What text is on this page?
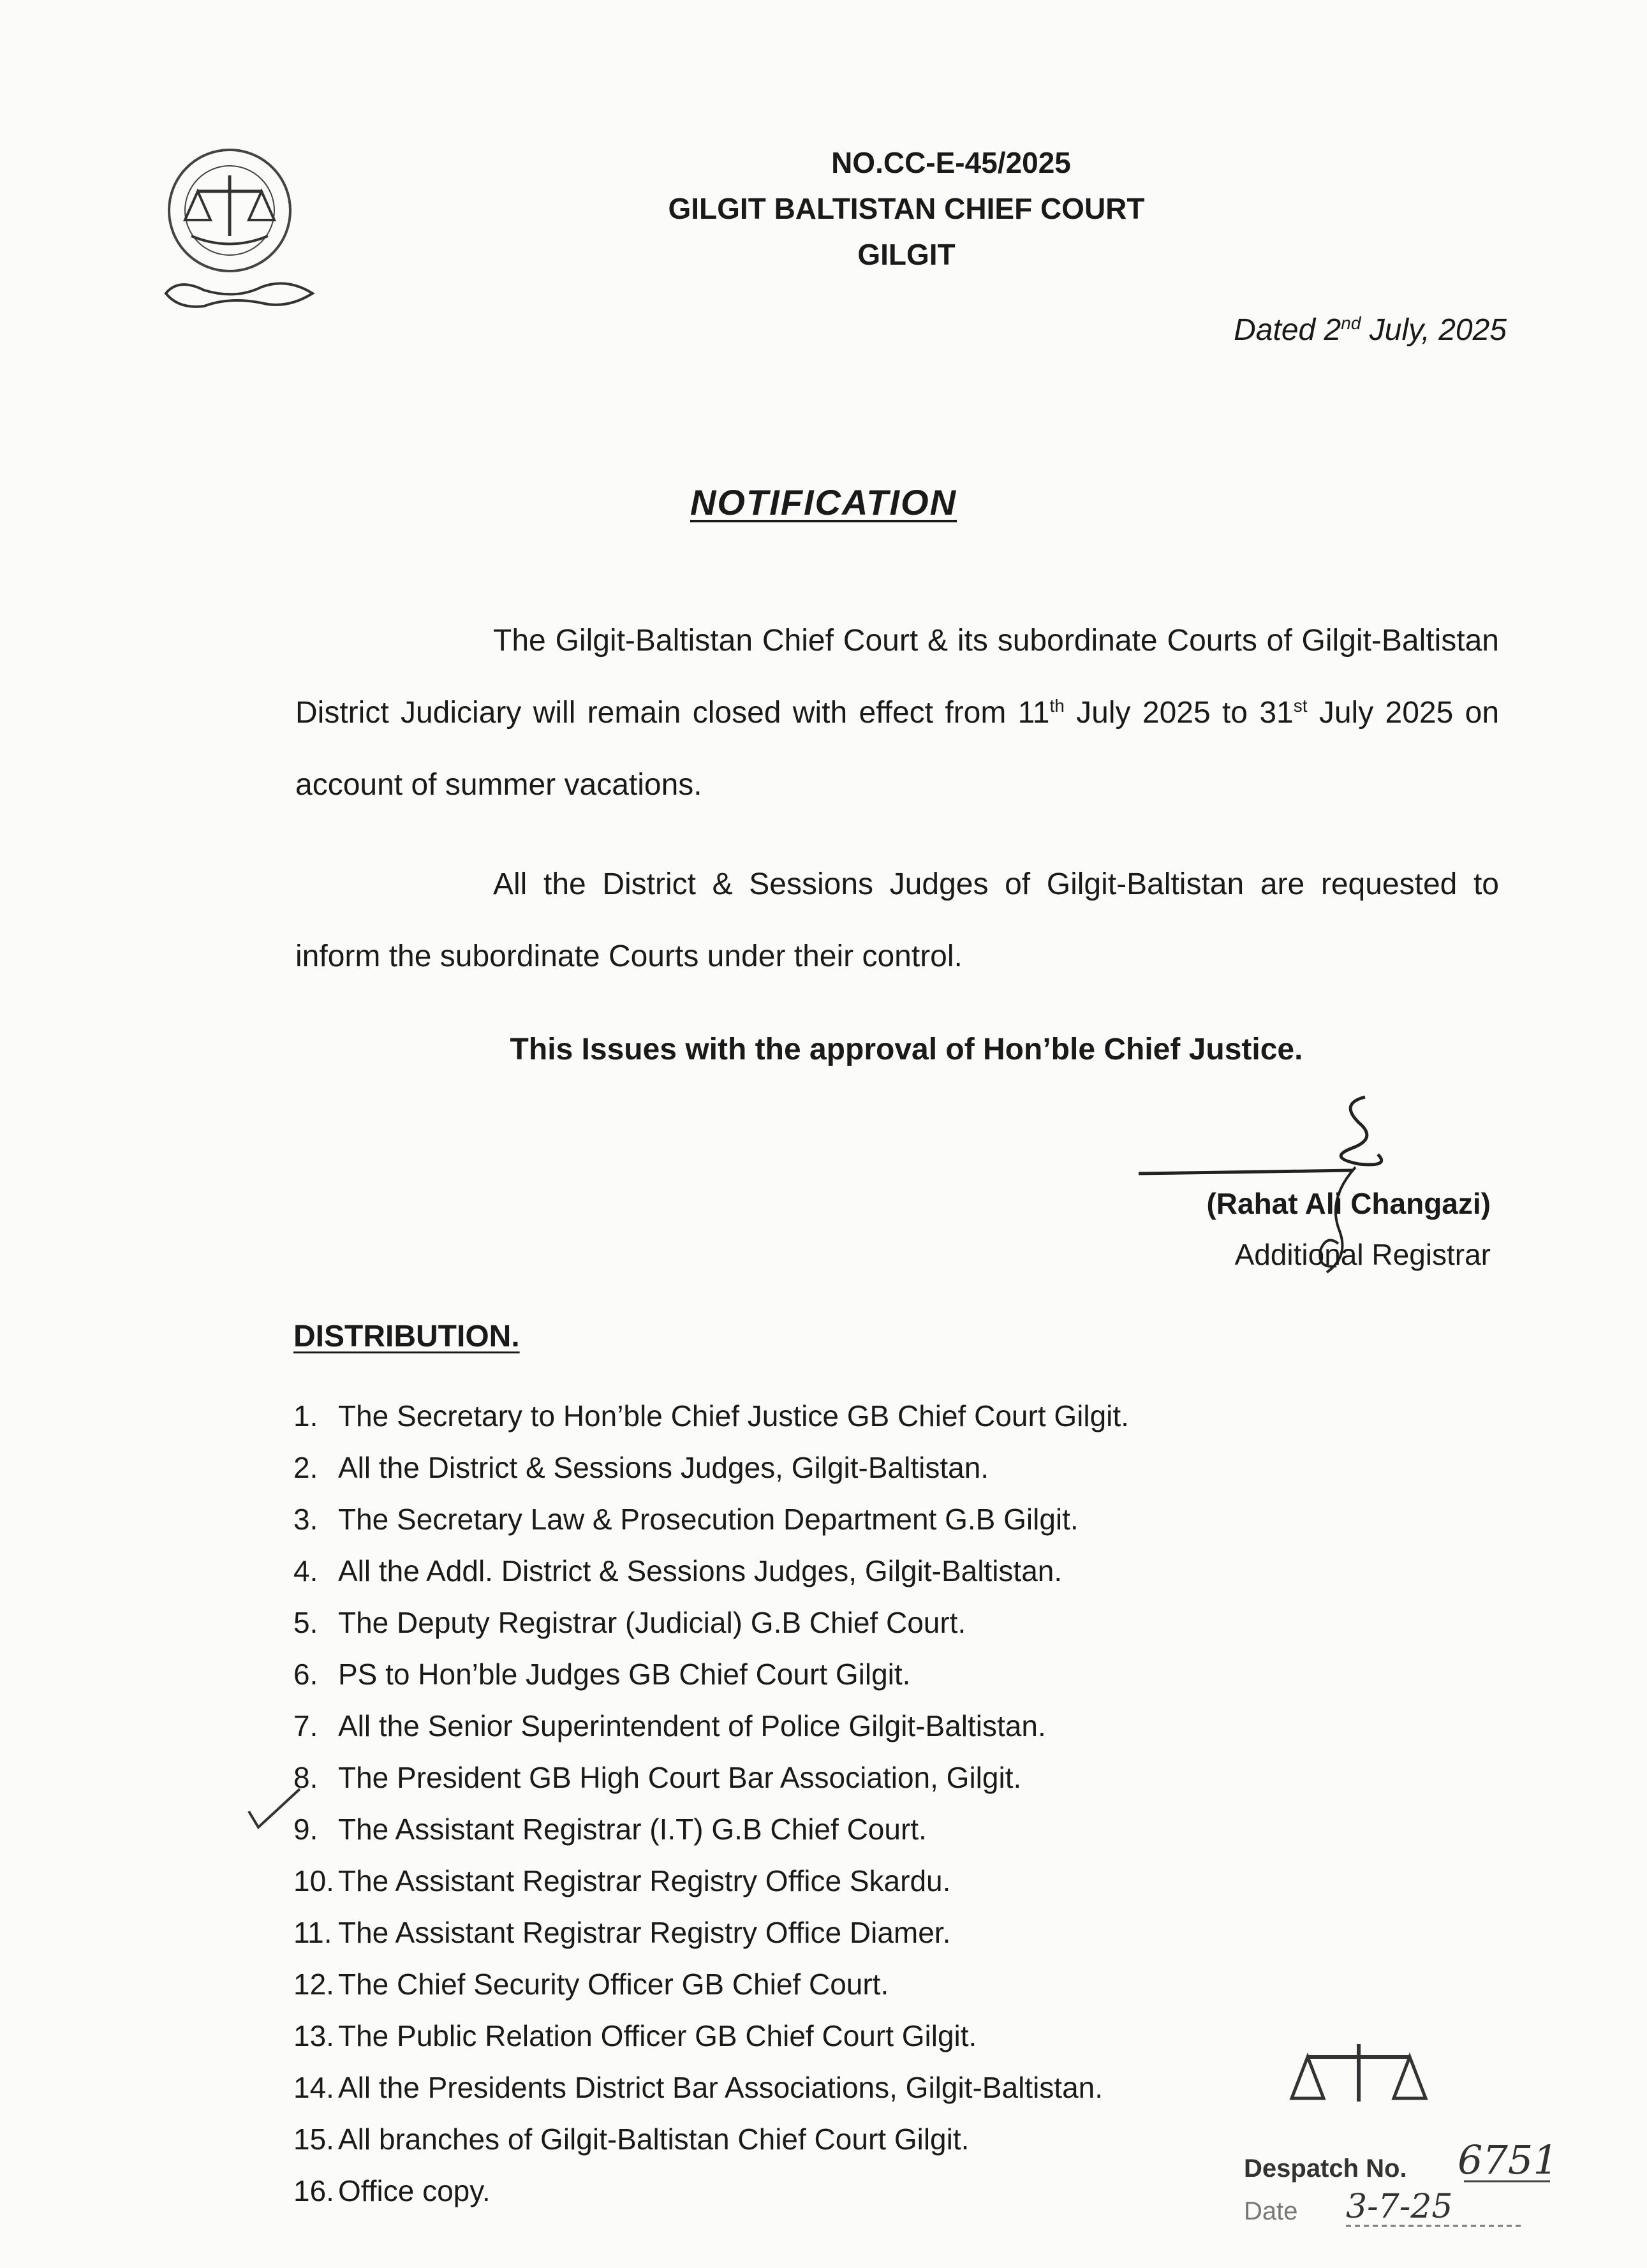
NO.CC-E-45/2025
GILGIT BALTISTAN CHIEF COURT
GILGIT
Dated 2nd July, 2025
NOTIFICATION
The Gilgit-Baltistan Chief Court & its subordinate Courts of Gilgit-Baltistan District Judiciary will remain closed with effect from 11th July 2025 to 31st July 2025 on account of summer vacations.
All the District & Sessions Judges of Gilgit-Baltistan are requested to inform the subordinate Courts under their control.
This Issues with the approval of Hon’ble Chief Justice.
(Rahat Ali Changazi)
Additional Registrar
DISTRIBUTION.
1. The Secretary to Hon’ble Chief Justice GB Chief Court Gilgit.
2. All the District & Sessions Judges, Gilgit-Baltistan.
3. The Secretary Law & Prosecution Department G.B Gilgit.
4. All the Addl. District & Sessions Judges, Gilgit-Baltistan.
5. The Deputy Registrar (Judicial) G.B Chief Court.
6. PS to Hon’ble Judges GB Chief Court Gilgit.
7. All the Senior Superintendent of Police Gilgit-Baltistan.
8. The President GB High Court Bar Association, Gilgit.
9. The Assistant Registrar (I.T) G.B Chief Court.
10. The Assistant Registrar Registry Office Skardu.
11. The Assistant Registrar Registry Office Diamer.
12. The Chief Security Officer GB Chief Court.
13. The Public Relation Officer GB Chief Court Gilgit.
14. All the Presidents District Bar Associations, Gilgit-Baltistan.
15. All branches of Gilgit-Baltistan Chief Court Gilgit.
16. Office copy.
Despatch No. 6751
Date 3-7-25
